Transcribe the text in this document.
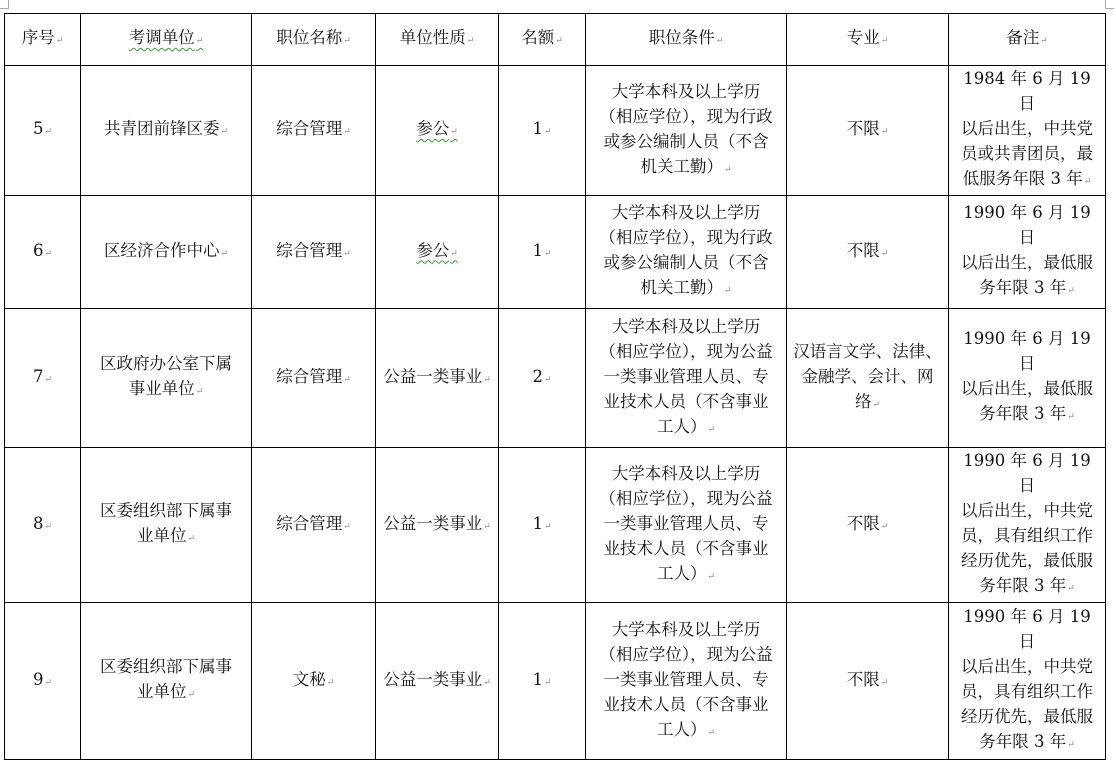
序号 ↵	考调单位 ↵	职位名称 ↵	单位性质 ↵	名额 ↵	职位条件 ↵	专业 ↵	备注 ↵
5 ↵	共青团前锋区委 ↵	综合管理 ↵	参公 ↵	1 ↵	大学本科及以上学历
（相应学位），现为行政
或参公编制人员（不含
机关工勤） ↵	不限 ↵	1984 年 6 月 19 日
以后出生，中共党
员或共青团员，最
低服务年限 3 年 ↵
6 ↵	区经济合作中心 ↵	综合管理 ↵	参公 ↵	1 ↵	大学本科及以上学历
（相应学位），现为行政
或参公编制人员（不含
机关工勤） ↵	不限 ↵	1990 年 6 月 19 日
以后出生，最低服
务年限 3 年 ↵
7 ↵	区政府办公室下属
事业单位 ↵	综合管理 ↵	公益一类事业 ↵	2 ↵	大学本科及以上学历
（相应学位），现为公益
一类事业管理人员、专
业技术人员（不含事业
工人） ↵	汉语言文学、法律、
金融学、会计、网
络 ↵	1990 年 6 月 19 日
以后出生，最低服
务年限 3 年 ↵
8 ↵	区委组织部下属事
业单位 ↵	综合管理 ↵	公益一类事业 ↵	1 ↵	大学本科及以上学历
（相应学位），现为公益
一类事业管理人员、专
业技术人员（不含事业
工人） ↵	不限 ↵	1990 年 6 月 19 日
以后出生，中共党
员，具有组织工作
经历优先，最低服
务年限 3 年 ↵
9 ↵	区委组织部下属事
业单位 ↵	文秘 ↵	公益一类事业 ↵	1 ↵	大学本科及以上学历
（相应学位），现为公益
一类事业管理人员、专
业技术人员（不含事业
工人） ↵	不限 ↵	1990 年 6 月 19 日
以后出生，中共党
员，具有组织工作
经历优先，最低服
务年限 3 年 ↵
